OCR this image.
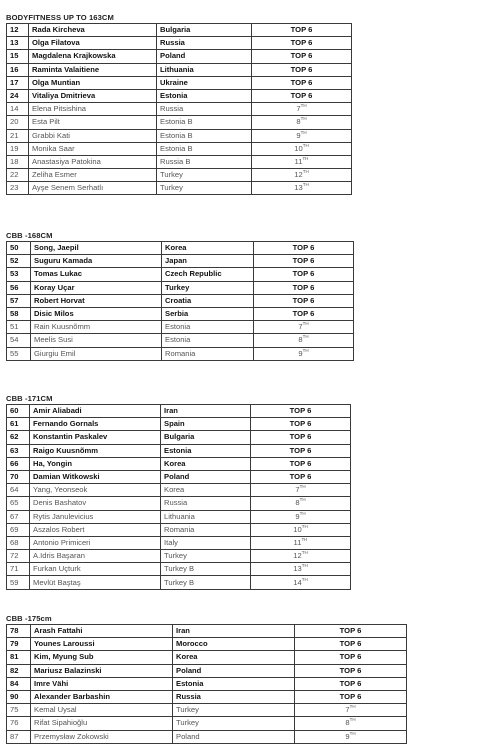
BODYFITNESS UP TO 163CM
12	Rada Kircheva	Bulgaria	TOP 6
13	Olga Filatova	Russia	TOP 6
15	Magdalena Krajkowska	Poland	TOP 6
16	Raminta Valaitiene	Lithuania	TOP 6
17	Olga Muntian	Ukraine	TOP 6
24	Vitaliya Dmitrieva	Estonia	TOP 6
14	Elena Pitsishina	Russia	7TH
20	Esta Pilt	Estonia B	8TH
21	Grabbi Kati	Estonia B	9TH
19	Monika Saar	Estonia B	10TH
18	Anastasiya Patokina	Russia B	11TH
22	Zeliha Esmer	Turkey	12TH
23	Ayşe Senem Serhatlı	Turkey	13TH
CBB -168CM
50	Song, Jaepil	Korea	TOP 6
52	Suguru Kamada	Japan	TOP 6
53	Tomas Lukac	Czech Republic	TOP 6
56	Koray Uçar	Turkey	TOP 6
57	Robert Horvat	Croatia	TOP 6
58	Disic Milos	Serbia	TOP 6
51	Rain Kuusnõmm	Estonia	7TH
54	Meelis Susi	Estonia	8TH
55	Giurgiu Emil	Romania	9TH
CBB -171CM
60	Amir Aliabadi	Iran	TOP 6
61	Fernando Gornals	Spain	TOP 6
62	Konstantin Paskalev	Bulgaria	TOP 6
63	Raigo Kuusnõmm	Estonia	TOP 6
66	Ha, Yongin	Korea	TOP 6
70	Damian Witkowski	Poland	TOP 6
64	Yang, Yeonseok	Korea	7TH
65	Denis Bashatov	Russia	8TH
67	Rytis Janulevicius	Lithuania	9TH
69	Aszalos Robert	Romania	10TH
68	Antonio Primiceri	Italy	11TH
72	A.Idris Başaran	Turkey	12TH
71	Furkan Uçturk	Turkey B	13TH
59	Mevlüt Baştaş	Turkey B	14TH
CBB -175cm
78	Arash Fattahi	Iran	TOP 6
79	Younes Laroussi	Morocco	TOP 6
81	Kim, Myung Sub	Korea	TOP 6
82	Mariusz Balazinski	Poland	TOP 6
84	Imre Vähi	Estonia	TOP 6
90	Alexander Barbashin	Russia	TOP 6
75	Kemal Uysal	Turkey	7TH
76	Rifat Sipahioğlu	Turkey	8TH
87	Przemysław Zokowski	Poland	9TH
